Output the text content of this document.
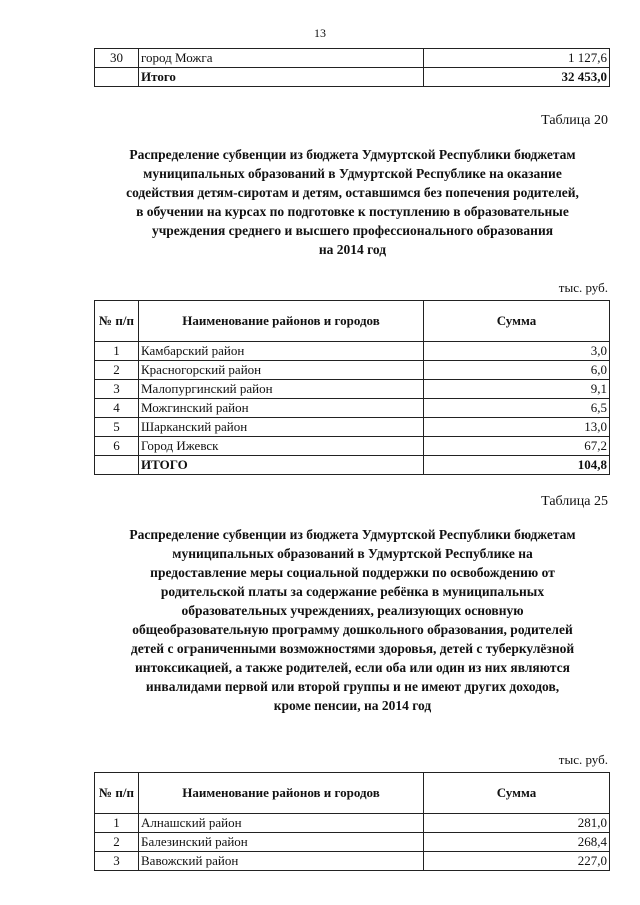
13
30	город Можга	1 127,6
	Итого	32 453,0
Таблица 20
Распределение субвенции из бюджета Удмуртской Республики бюджетам
муниципальных образований в Удмуртской Республике на оказание
содействия детям-сиротам и детям, оставшимся без попечения родителей,
в обучении на курсах по подготовке к поступлению в образовательные
учреждения среднего и высшего профессионального образования
на 2014 год
тыс. руб.
№ п/п	Наименование районов и городов	Сумма
1	Камбарский район	3,0
2	Красногорский район	6,0
3	Малопургинский район	9,1
4	Можгинский район	6,5
5	Шарканский район	13,0
6	Город Ижевск	67,2
	ИТОГО	104,8
Таблица 25
Распределение субвенции из бюджета Удмуртской Республики бюджетам
муниципальных образований в Удмуртской Республике на
предоставление меры социальной поддержки по освобождению от
родительской платы за содержание ребёнка в муниципальных
образовательных учреждениях, реализующих основную
общеобразовательную программу дошкольного образования, родителей
детей с ограниченными возможностями здоровья, детей с туберкулёзной
интоксикацией, а также родителей, если оба или один из них являются
инвалидами первой или второй группы и не имеют других доходов,
кроме пенсии, на 2014 год
тыс. руб.
№ п/п	Наименование районов и городов	Сумма
1	Алнашский район	281,0
2	Балезинский район	268,4
3	Вавожский район	227,0
